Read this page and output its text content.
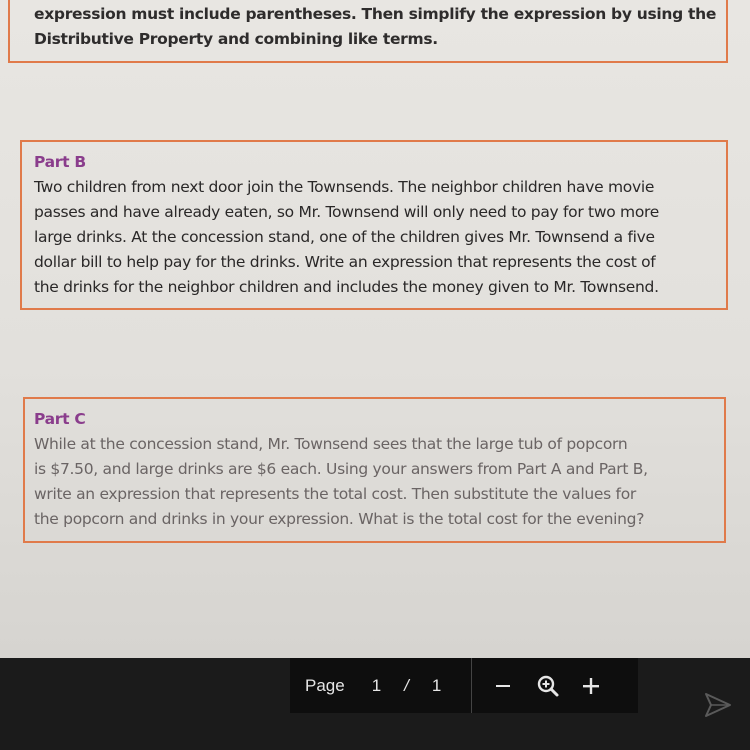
expression must include parentheses. Then simplify the expression by using the
Distributive Property and combining like terms.
Part B
Two children from next door join the Townsends. The neighbor children have movie
passes and have already eaten, so Mr. Townsend will only need to pay for two more
large drinks. At the concession stand, one of the children gives Mr. Townsend a five
dollar bill to help pay for the drinks. Write an expression that represents the cost of
the drinks for the neighbor children and includes the money given to Mr. Townsend.
Part C
While at the concession stand, Mr. Townsend sees that the large tub of popcorn
is $7.50, and large drinks are $6 each. Using your answers from Part A and Part B,
write an expression that represents the total cost. Then substitute the values for
the popcorn and drinks in your expression. What is the total cost for the evening?
Page 1 / 1
